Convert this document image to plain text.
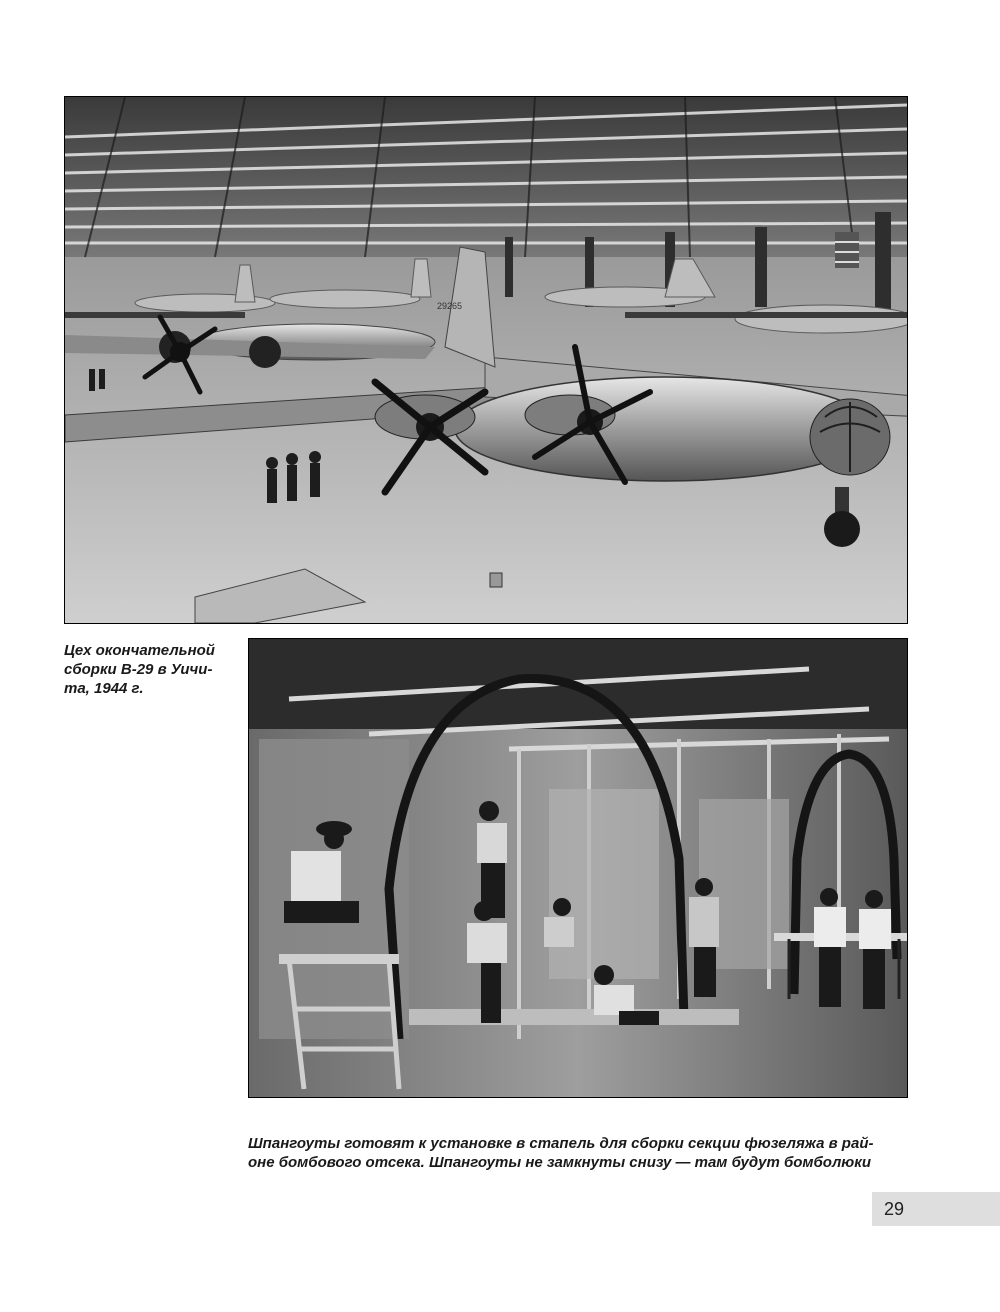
29265

Цех окончательной
сборки B-29 в Уичи-
та, 1944 г.

Шпангоуты готовят к установке в стапель для сборки секции фюзеляжа в рай-
оне бомбового отсека. Шпангоуты не замкнуты снизу — там будут бомболюки

29
